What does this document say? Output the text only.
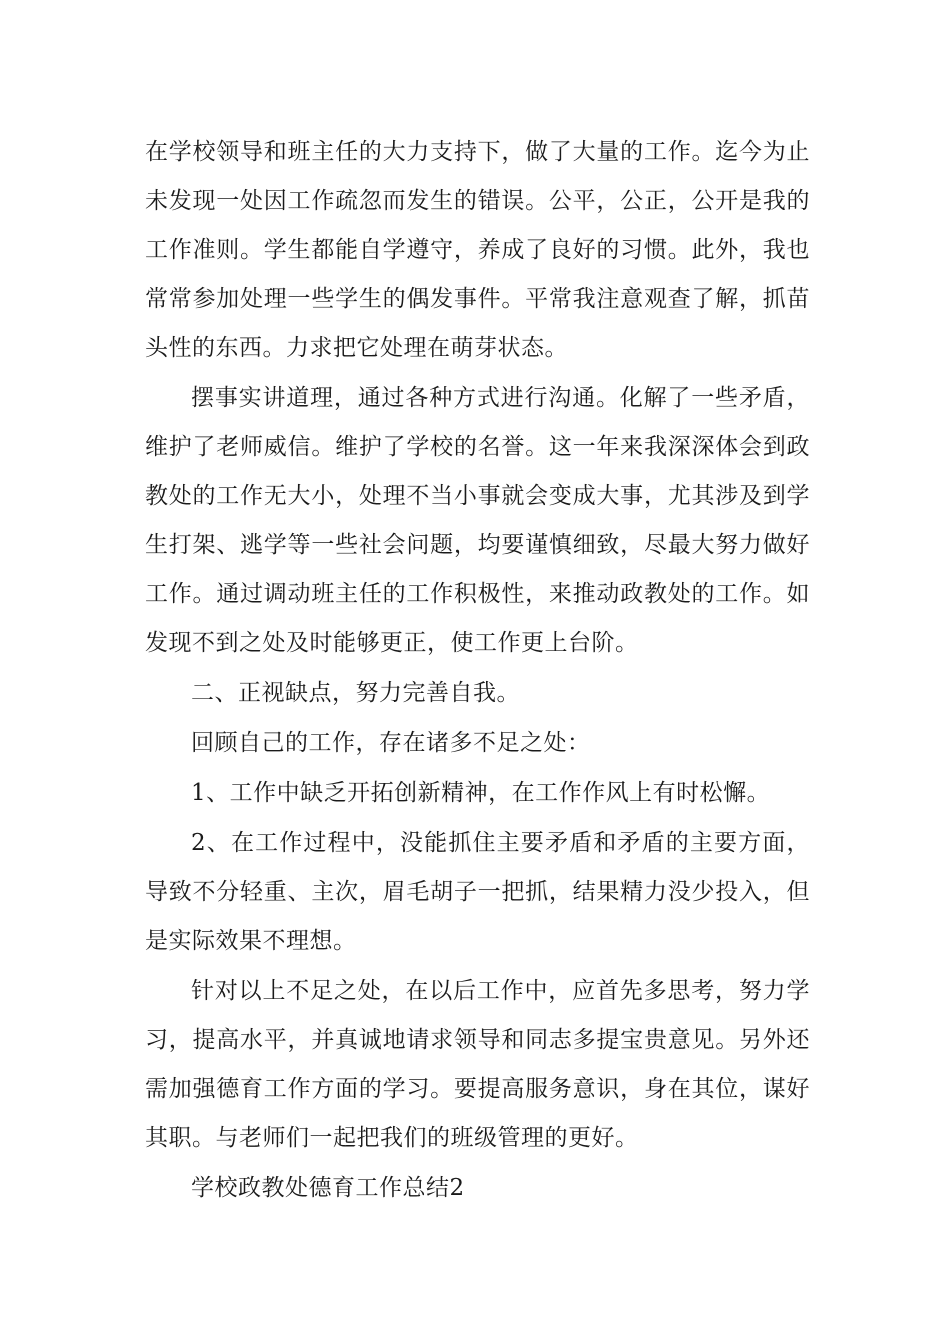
在学校领导和班主任的大力支持下，做了大量的工作。迄今为止未发现一处因工作疏忽而发生的错误。公平，公正，公开是我的工作准则。学生都能自学遵守，养成了良好的习惯。此外，我也常常参加处理一些学生的偶发事件。平常我注意观查了解，抓苗头性的东西。力求把它处理在萌芽状态。

摆事实讲道理，通过各种方式进行沟通。化解了一些矛盾，维护了老师威信。维护了学校的名誉。这一年来我深深体会到政教处的工作无大小，处理不当小事就会变成大事，尤其涉及到学生打架、逃学等一些社会问题，均要谨慎细致，尽最大努力做好工作。通过调动班主任的工作积极性，来推动政教处的工作。如发现不到之处及时能够更正，使工作更上台阶。

二、正视缺点，努力完善自我。

回顾自己的工作，存在诸多不足之处：

1、工作中缺乏开拓创新精神，在工作作风上有时松懈。

2、在工作过程中，没能抓住主要矛盾和矛盾的主要方面，导致不分轻重、主次，眉毛胡子一把抓，结果精力没少投入，但是实际效果不理想。

针对以上不足之处，在以后工作中，应首先多思考，努力学习，提高水平，并真诚地请求领导和同志多提宝贵意见。另外还需加强德育工作方面的学习。要提高服务意识，身在其位，谋好其职。与老师们一起把我们的班级管理的更好。

学校政教处德育工作总结2
